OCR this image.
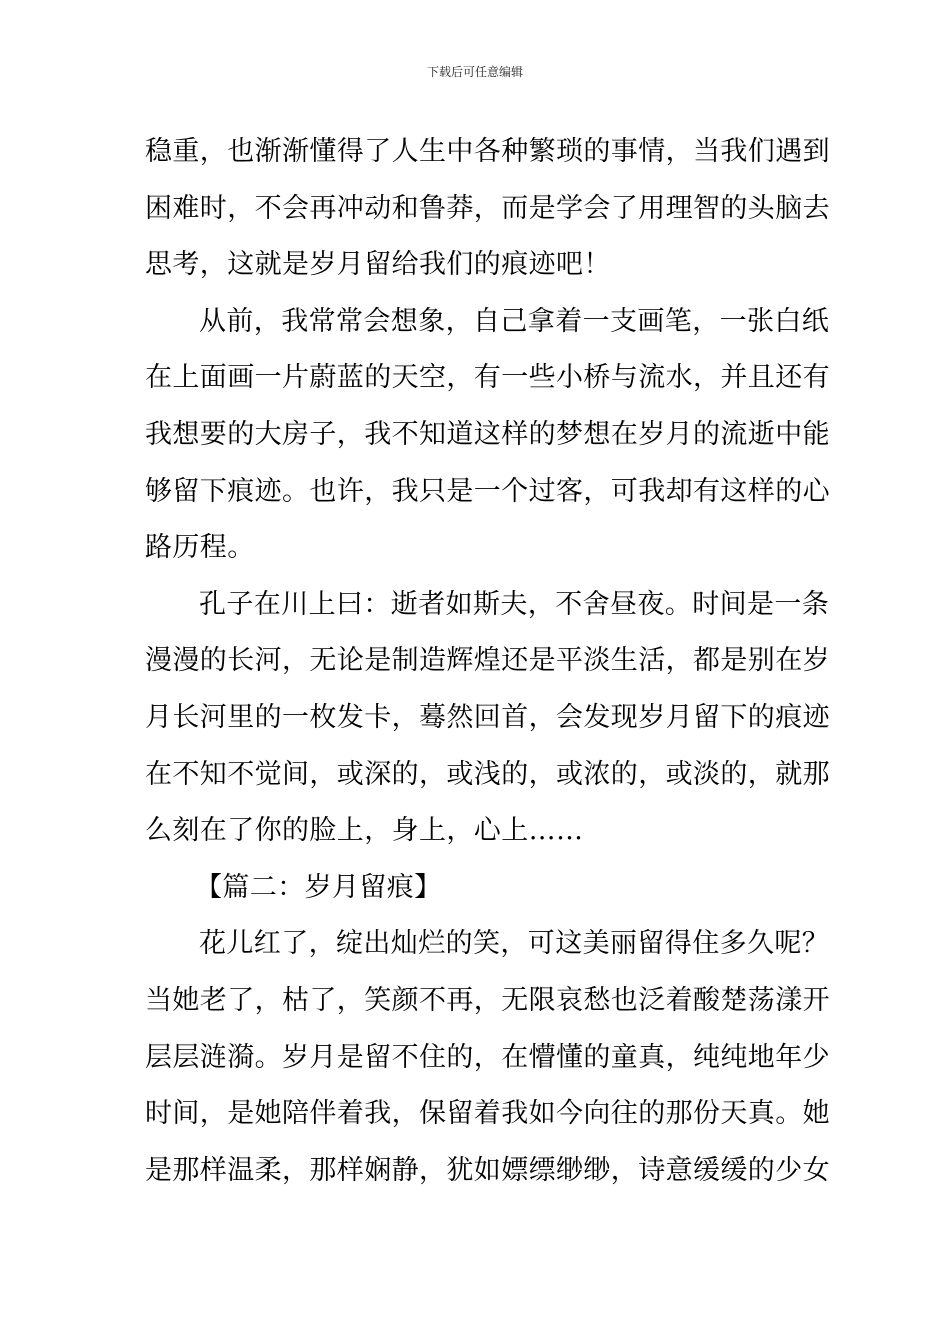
下载后可任意编辑
稳重，也渐渐懂得了人生中各种繁琐的事情，当我们遇到
困难时，不会再冲动和鲁莽，而是学会了用理智的头脑去
思考，这就是岁月留给我们的痕迹吧！
从前，我常常会想象，自己拿着一支画笔，一张白纸
在上面画一片蔚蓝的天空，有一些小桥与流水，并且还有
我想要的大房子，我不知道这样的梦想在岁月的流逝中能
够留下痕迹。也许，我只是一个过客，可我却有这样的心
路历程。
孔子在川上曰：逝者如斯夫，不舍昼夜。时间是一条
漫漫的长河，无论是制造辉煌还是平淡生活，都是别在岁
月长河里的一枚发卡，蓦然回首，会发现岁月留下的痕迹
在不知不觉间，或深的，或浅的，或浓的，或淡的，就那
么刻在了你的脸上，身上，心上……
【篇二：岁月留痕】
花儿红了，绽出灿烂的笑，可这美丽留得住多久呢？
当她老了，枯了，笑颜不再，无限哀愁也泛着酸楚荡漾开
层层涟漪。岁月是留不住的，在懵懂的童真，纯纯地年少
时间，是她陪伴着我，保留着我如今向往的那份天真。她
是那样温柔，那样娴静，犹如嫖缥缈缈，诗意缓缓的少女
